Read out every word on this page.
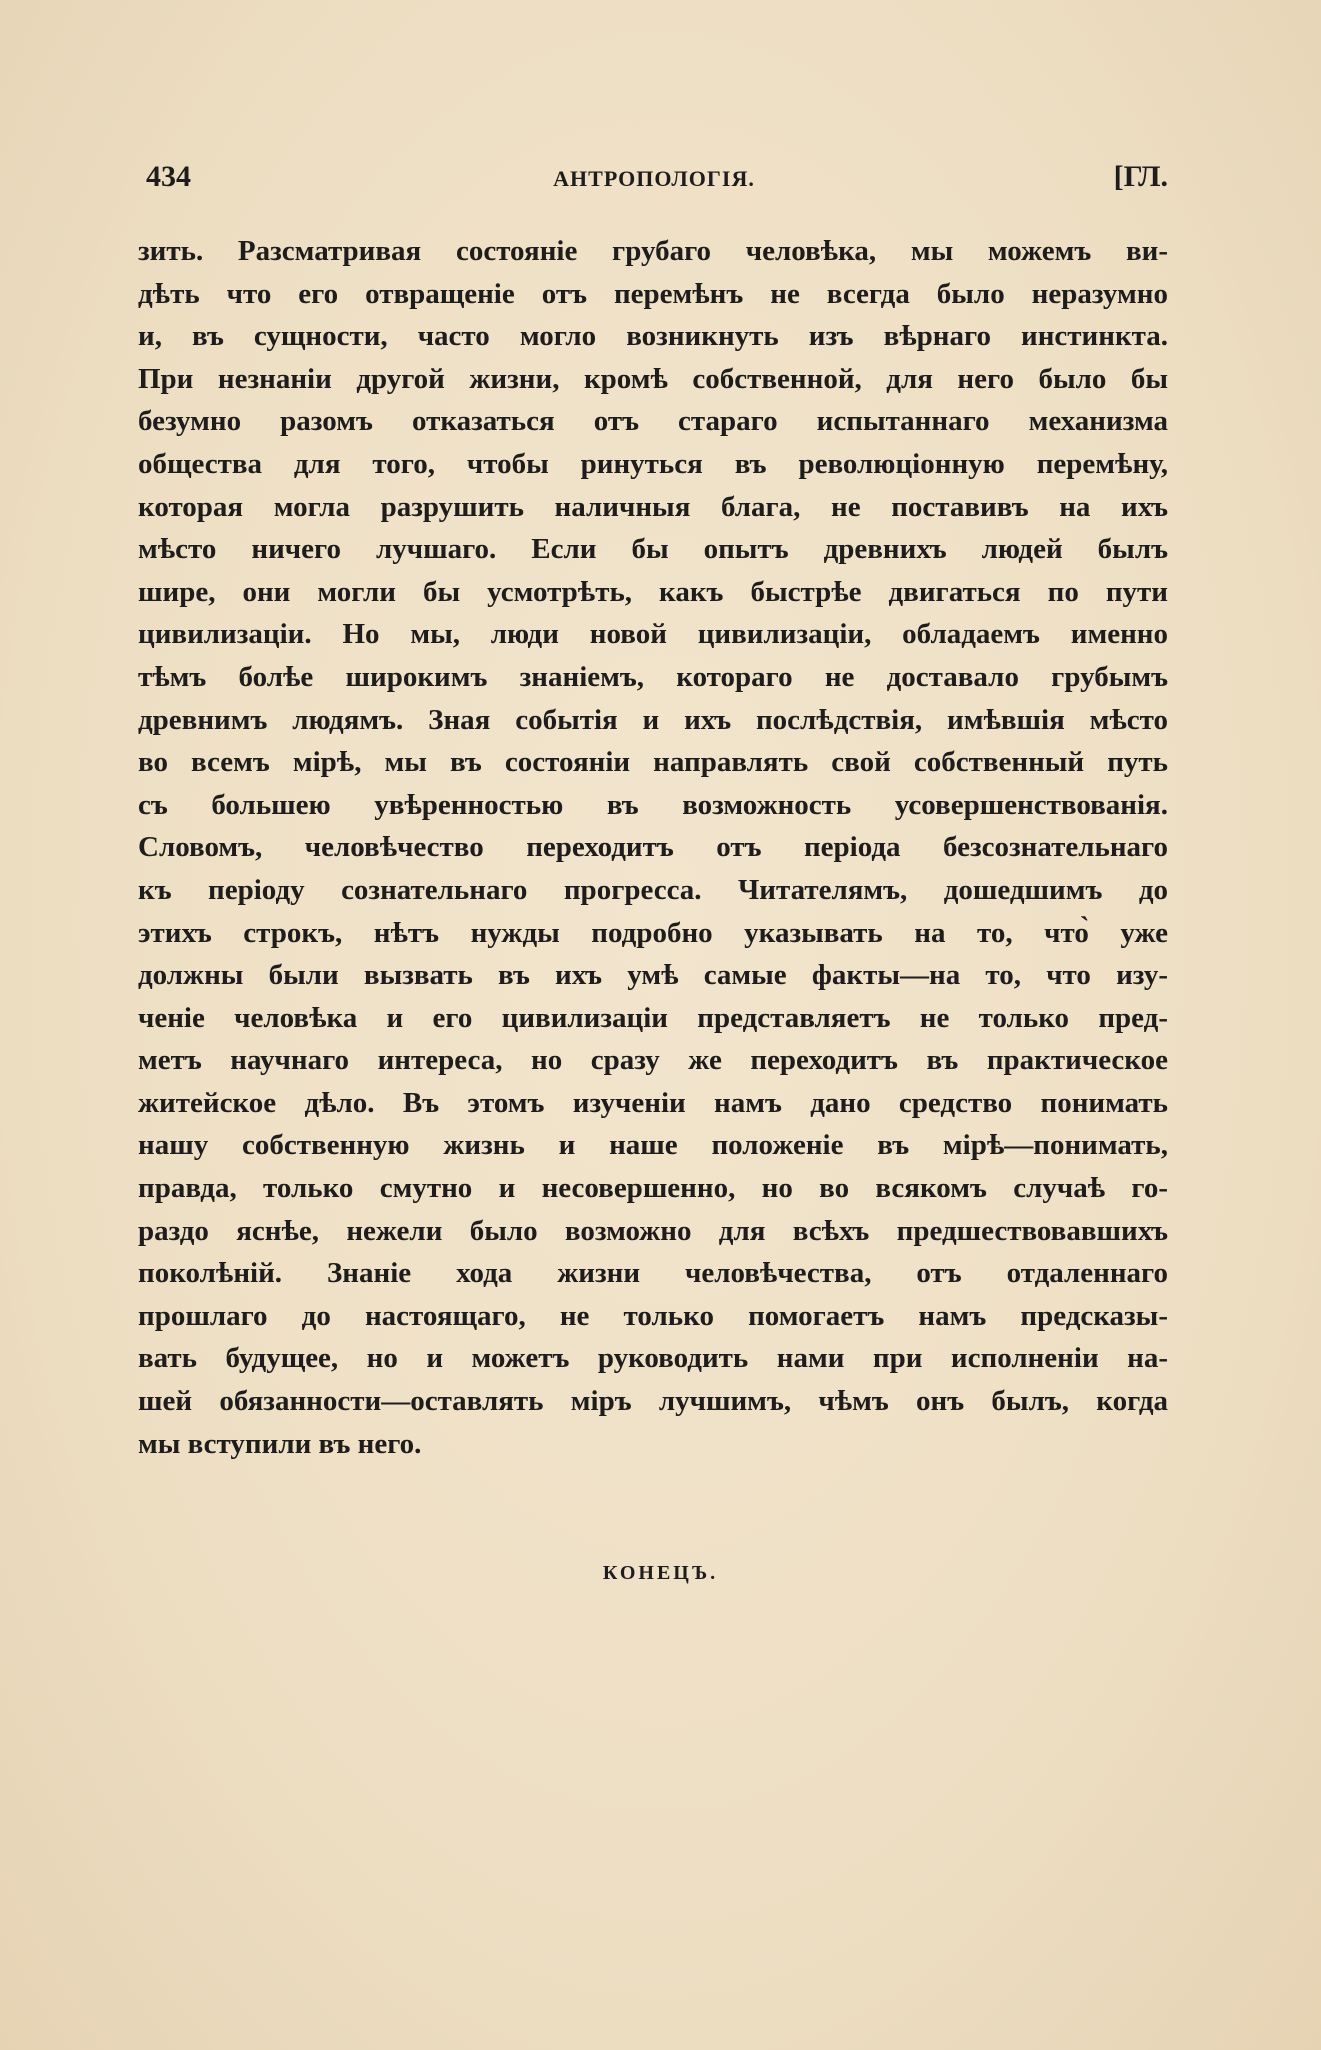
434	АНТРОПОЛОГІЯ.	[ГЛ.
зить. Разсматривая состояніе грубаго человѣка, мы можемъ ви-
дѣть что его отвращеніе отъ перемѣнъ не всегда было неразумно
и, въ сущности, часто могло возникнуть изъ вѣрнаго инстинкта.
При незнаніи другой жизни, кромѣ собственной, для него было бы
безумно разомъ отказаться отъ стараго испытаннаго механизма
общества для того, чтобы ринуться въ революціонную перемѣну,
которая могла разрушить наличныя блага, не поставивъ на ихъ
мѣсто ничего лучшаго. Если бы опытъ древнихъ людей былъ
шире, они могли бы усмотрѣть, какъ быстрѣе двигаться по пути
цивилизаціи. Но мы, люди новой цивилизаціи, обладаемъ именно
тѣмъ болѣе широкимъ знаніемъ, котораго не доставало грубымъ
древнимъ людямъ. Зная событія и ихъ послѣдствія, имѣвшія мѣсто
во всемъ мірѣ, мы въ состояніи направлять свой собственный путь
съ большею увѣренностью въ возможность усовершенствованія.
Словомъ, человѣчество переходитъ отъ періода безсознательнаго
къ періоду сознательнаго прогресса. Читателямъ, дошедшимъ до
этихъ строкъ, нѣтъ нужды подробно указывать на то, что̀ уже
должны были вызвать въ ихъ умѣ самые факты—на то, что изу-
ченіе человѣка и его цивилизаціи представляетъ не только пред-
метъ научнаго интереса, но сразу же переходитъ въ практическое
житейское дѣло. Въ этомъ изученіи намъ дано средство понимать
нашу собственную жизнь и наше положеніе въ мірѣ—понимать,
правда, только смутно и несовершенно, но во всякомъ случаѣ го-
раздо яснѣе, нежели было возможно для всѣхъ предшествовавшихъ
поколѣній. Знаніе хода жизни человѣчества, отъ отдаленнаго
прошлаго до настоящаго, не только помогаетъ намъ предсказы-
вать будущее, но и можетъ руководить нами при исполненіи на-
шей обязанности—оставлять міръ лучшимъ, чѣмъ онъ былъ, когда
мы вступили въ него.
КОНЕЦЪ.
